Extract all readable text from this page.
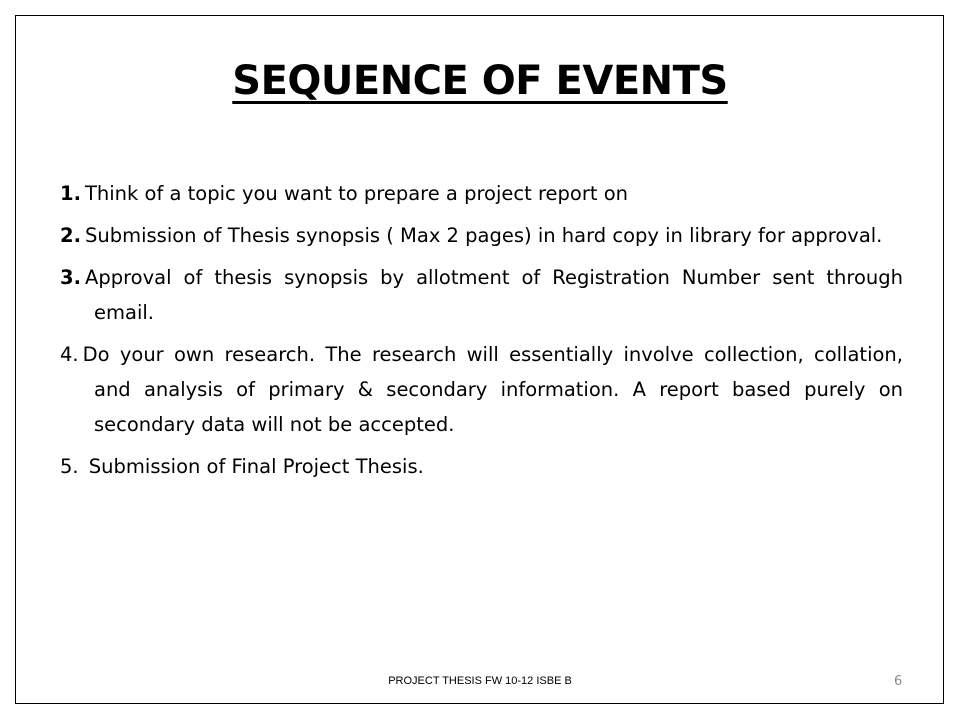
SEQUENCE OF EVENTS

1. Think of a topic you want to prepare a project report on

2. Submission of Thesis synopsis ( Max 2 pages) in hard copy in library for approval.

3. Approval of thesis synopsis by allotment of Registration Number sent through email.

4. Do your own research. The research will essentially involve collection, collation, and analysis of primary & secondary information. A report based purely on secondary data will not be accepted.

5. Submission of Final Project Thesis.

PROJECT THESIS FW 10-12 ISBE B	6
